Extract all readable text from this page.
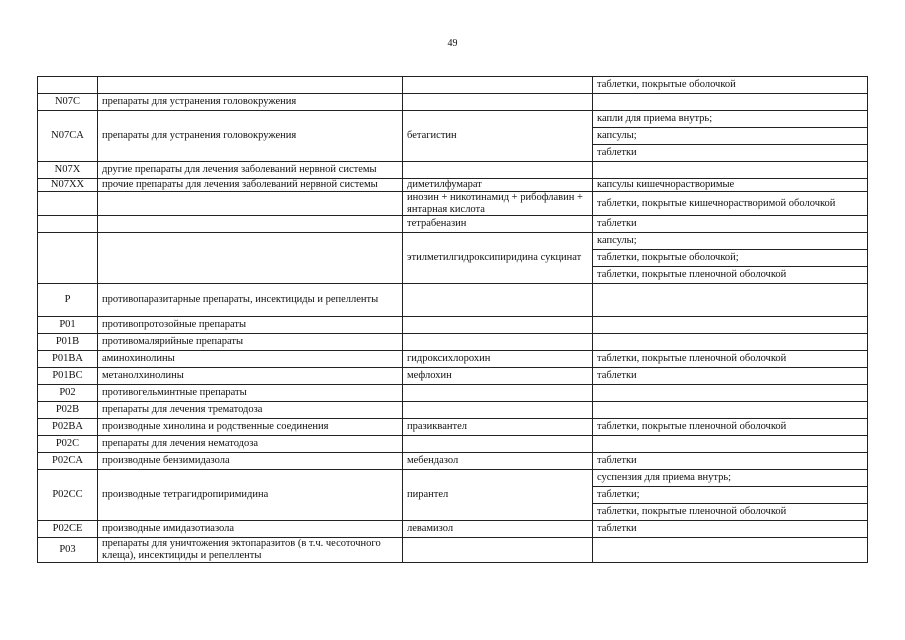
49

			таблетки, покрытые оболочкой

N07C	препараты для устранения головокружения		

N07CA	препараты для устранения головокружения	бетагистин	капли для приема внутрь;
капсулы;
таблетки

N07X	другие препараты для лечения заболеваний нервной системы		

N07XX	прочие препараты для лечения заболеваний нервной системы	диметилфумарат	капсулы кишечнорастворимые
		инозин + никотинамид + рибофлавин + янтарная кислота	таблетки, покрытые кишечнорастворимой оболочкой
		тетрабеназин	таблетки

		этилметилгидроксипиридина сукцинат	капсулы;
таблетки, покрытые оболочкой;
таблетки, покрытые пленочной оболочкой

P	противопаразитарные препараты, инсектициды и репелленты		
P01	противопротозойные препараты		
P01B	противомалярийные препараты		
P01BA	аминохинолины	гидроксихлорохин	таблетки, покрытые пленочной оболочкой
P01BC	метанолхинолины	мефлохин	таблетки
P02	противогельминтные препараты		
P02B	препараты для лечения трематодоза		
P02BA	производные хинолина и родственные соединения	празиквантел	таблетки, покрытые пленочной оболочкой
P02C	препараты для лечения нематодоза		
P02CA	производные бензимидазола	мебендазол	таблетки
P02CC	производные тетрагидропиримидина	пирантел	суспензия для приема внутрь;
таблетки;
таблетки, покрытые пленочной оболочкой

P02CE	производные имидазотиазола	левамизол	таблетки
P03	препараты для уничтожения эктопаразитов (в т.ч. чесоточного клеща), инсектициды и репелленты		
